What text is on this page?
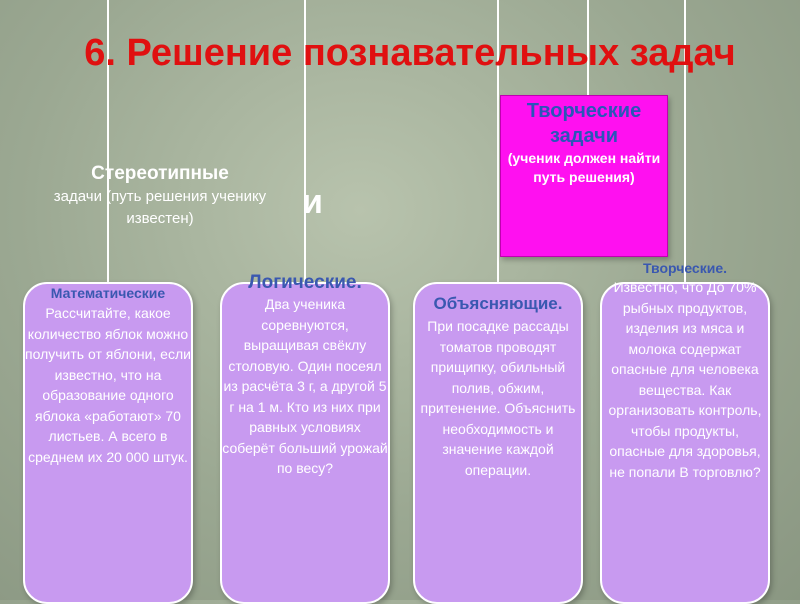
6. Решение познавательных задач
Стереотипные
задачи (путь решения ученику известен)	и
Творческие задачи
(ученик должен найти путь решения)
Математические
Рассчитайте, какое количество яблок можно получить от яблони, если известно, что на образование одного яблока «работают» 70 листьев. А всего в среднем их 20 000 штук.
Логические.
Два ученика соревнуются, выращивая свёклу столовую. Один посеял из расчёта 3 г, а другой 5 г на 1 м. Кто из них при равных условиях соберёт больший урожай по весу?
Объясняющие.
При посадке рассады томатов проводят прищипку, обильный полив, обжим, притенение. Объяснить необходимость и значение каждой операции.
Творческие.
Известно, что До 70% рыбных продуктов, изделия из мяса и молока содержат опасные для человека вещества. Как организовать контроль, чтобы продукты, опасные для здоровья, не попали В торговлю?
